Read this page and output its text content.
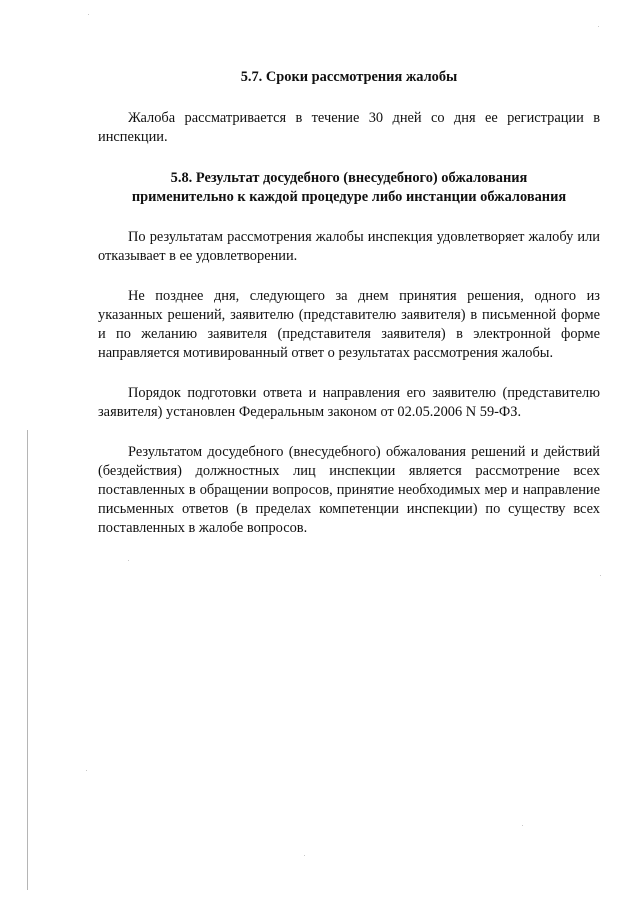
5.7. Сроки рассмотрения жалобы

Жалоба рассматривается в течение 30 дней со дня ее регистрации в инспекции.

5.8. Результат досудебного (внесудебного) обжалования
применительно к каждой процедуре либо инстанции обжалования

По результатам рассмотрения жалобы инспекция удовлетворяет жалобу или отказывает в ее удовлетворении.

Не позднее дня, следующего за днем принятия решения, одного из указанных решений, заявителю (представителю заявителя) в письменной форме и по желанию заявителя (представителя заявителя) в электронной форме направляется мотивированный ответ о результатах рассмотрения жалобы.

Порядок подготовки ответа и направления его заявителю (представителю заявителя) установлен Федеральным законом от 02.05.2006 N 59-ФЗ.

Результатом досудебного (внесудебного) обжалования решений и действий (бездействия) должностных лиц инспекции является рассмотрение всех поставленных в обращении вопросов, принятие необходимых мер и направление письменных ответов (в пределах компетенции инспекции) по существу всех поставленных в жалобе вопросов.
